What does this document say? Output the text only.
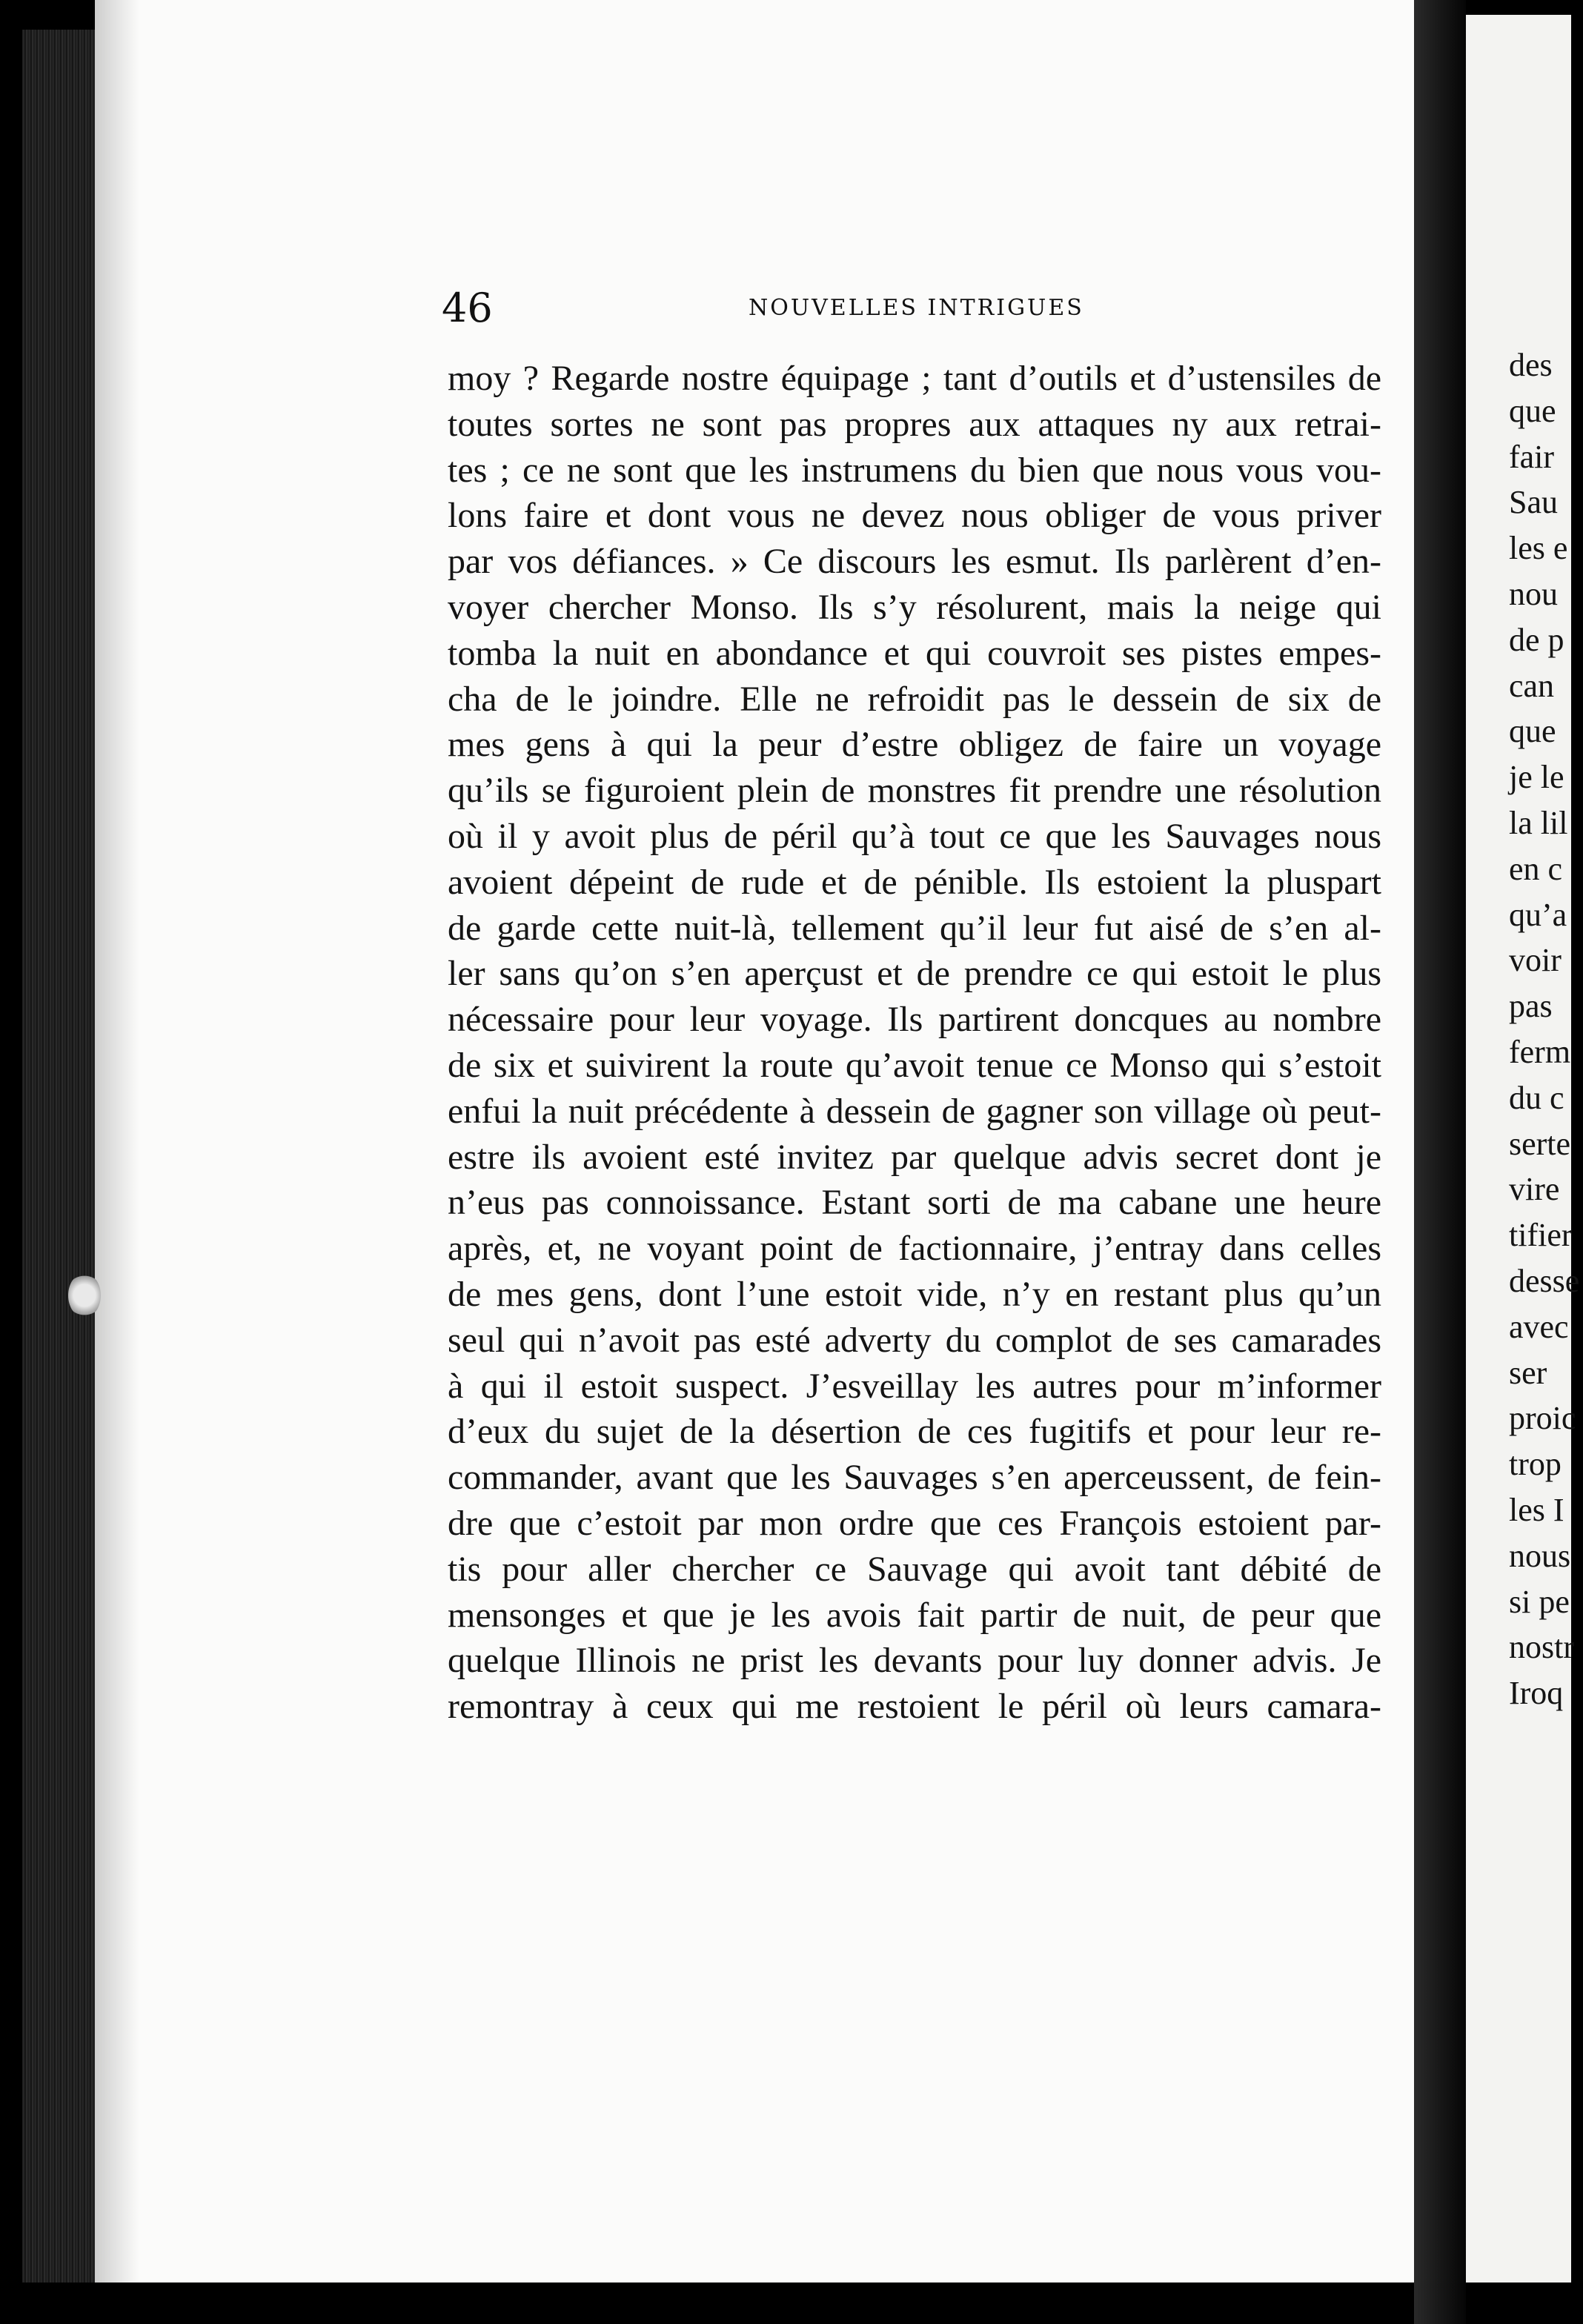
46	NOUVELLES INTRIGUES
moy ? Regarde nostre équipage ; tant d’outils et d’ustensiles de
toutes sortes ne sont pas propres aux attaques ny aux retrai-
tes ; ce ne sont que les instrumens du bien que nous vous vou-
lons faire et dont vous ne devez nous obliger de vous priver
par vos défiances. » Ce discours les esmut. Ils parlèrent d’en-
voyer chercher Monso. Ils s’y résolurent, mais la neige qui
tomba la nuit en abondance et qui couvroit ses pistes empes-
cha de le joindre. Elle ne refroidit pas le dessein de six de
mes gens à qui la peur d’estre obligez de faire un voyage
qu’ils se figuroient plein de monstres fit prendre une résolution
où il y avoit plus de péril qu’à tout ce que les Sauvages nous
avoient dépeint de rude et de pénible. Ils estoient la pluspart
de garde cette nuit-là, tellement qu’il leur fut aisé de s’en al-
ler sans qu’on s’en aperçust et de prendre ce qui estoit le plus
nécessaire pour leur voyage. Ils partirent doncques au nombre
de six et suivirent la route qu’avoit tenue ce Monso qui s’estoit
enfui la nuit précédente à dessein de gagner son village où peut-
estre ils avoient esté invitez par quelque advis secret dont je
n’eus pas connoissance. Estant sorti de ma cabane une heure
après, et, ne voyant point de factionnaire, j’entray dans celles
de mes gens, dont l’une estoit vide, n’y en restant plus qu’un
seul qui n’avoit pas esté adverty du complot de ses camarades
à qui il estoit suspect. J’esveillay les autres pour m’informer
d’eux du sujet de la désertion de ces fugitifs et pour leur re-
commander, avant que les Sauvages s’en aperceussent, de fein-
dre que c’estoit par mon ordre que ces François estoient par-
tis pour aller chercher ce Sauvage qui avoit tant débité de
mensonges et que je les avois fait partir de nuit, de peur que
quelque Illinois ne prist les devants pour luy donner advis. Je
remontray à ceux qui me restoient le péril où leurs camara-
des
que
fair
Sau
les e
nou
de p
can
que
je le
la lil
en c
qu’a
voir
pas
ferm
du c
serte
vire
tifier
desse
avec
ser
proic
trop
les I
nous
si pe
nostr
Iroq
